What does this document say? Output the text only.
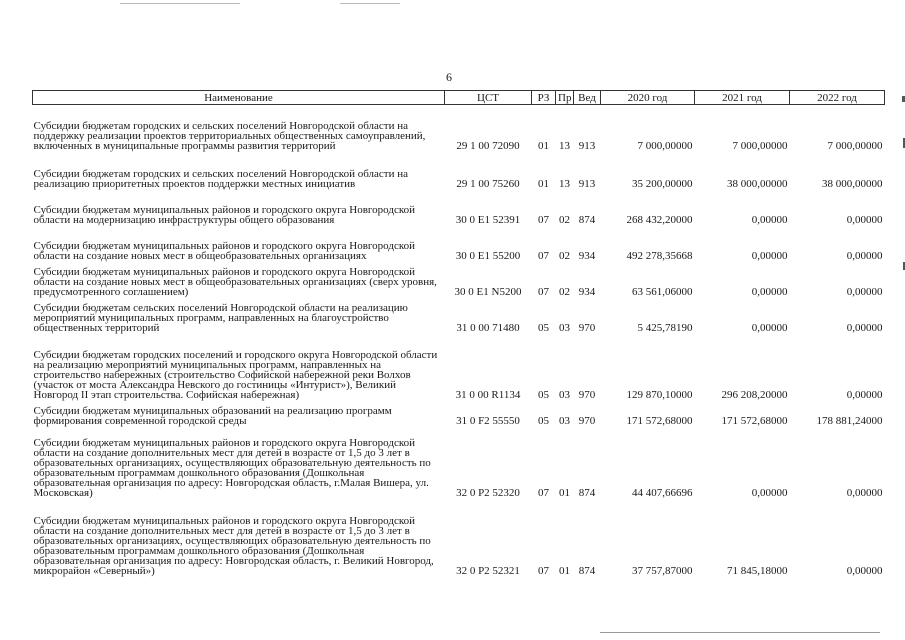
6
Наименование	ЦСТ	РЗ	Пр	Вед	2020 год	2021 год	2022 год
Субсидии бюджетам городских и сельских поселений Новгородской области на поддержку реализации проектов территориальных общественных самоуправлений, включенных в муниципальные программы развития территорий	29 1 00 72090	01	13	913	7 000,00000	7 000,00000	7 000,00000
Субсидии бюджетам городских и сельских поселений Новгородской области на реализацию приоритетных проектов поддержки местных инициатив	29 1 00 75260	01	13	913	35 200,00000	38 000,00000	38 000,00000
Субсидии бюджетам муниципальных районов и городского округа Новгородской области на модернизацию инфраструктуры общего образования	30 0 E1 52391	07	02	874	268 432,20000	0,00000	0,00000
Субсидии бюджетам муниципальных районов и городского округа Новгородской области на создание новых мест в общеобразовательных организациях	30 0 E1 55200	07	02	934	492 278,35668	0,00000	0,00000
Субсидии бюджетам муниципальных районов и городского округа Новгородской области на создание новых мест в общеобразовательных организациях (сверх уровня, предусмотренного соглашением)	30 0 E1 N5200	07	02	934	63 561,06000	0,00000	0,00000
Субсидии бюджетам сельских поселений Новгородской области на реализацию мероприятий муниципальных программ, направленных на благоустройство общественных территорий	31 0 00 71480	05	03	970	5 425,78190	0,00000	0,00000
Субсидии бюджетам городских поселений и городского округа Новгородской области на реализацию мероприятий муниципальных программ, направленных на строительство набережных (строительство Софийской набережной реки Волхов (участок от моста Александра Невского до гостиницы «Интурист»), Великий Новгород II этап строительства. Софийская набережная)	31 0 00 R1134	05	03	970	129 870,10000	296 208,20000	0,00000
Субсидии бюджетам муниципальных образований на реализацию программ формирования современной городской среды	31 0 F2 55550	05	03	970	171 572,68000	171 572,68000	178 881,24000
Субсидии бюджетам муниципальных районов и городского округа Новгородской области на создание дополнительных мест для детей в возрасте от 1,5 до 3 лет в образовательных организациях, осуществляющих образовательную деятельность по образовательным программам дошкольного образования (Дошкольная образовательная организация по адресу: Новгородская область, г.Малая Вишера, ул. Московская)	32 0 P2 52320	07	01	874	44 407,66696	0,00000	0,00000
Субсидии бюджетам муниципальных районов и городского округа Новгородской области на создание дополнительных мест для детей в возрасте от 1,5 до 3 лет в образовательных организациях, осуществляющих образовательную деятельность по образовательным программам дошкольного образования (Дошкольная образовательная организация по адресу: Новгородская область, г. Великий Новгород, микрорайон «Северный»)	32 0 P2 52321	07	01	874	37 757,87000	71 845,18000	0,00000
